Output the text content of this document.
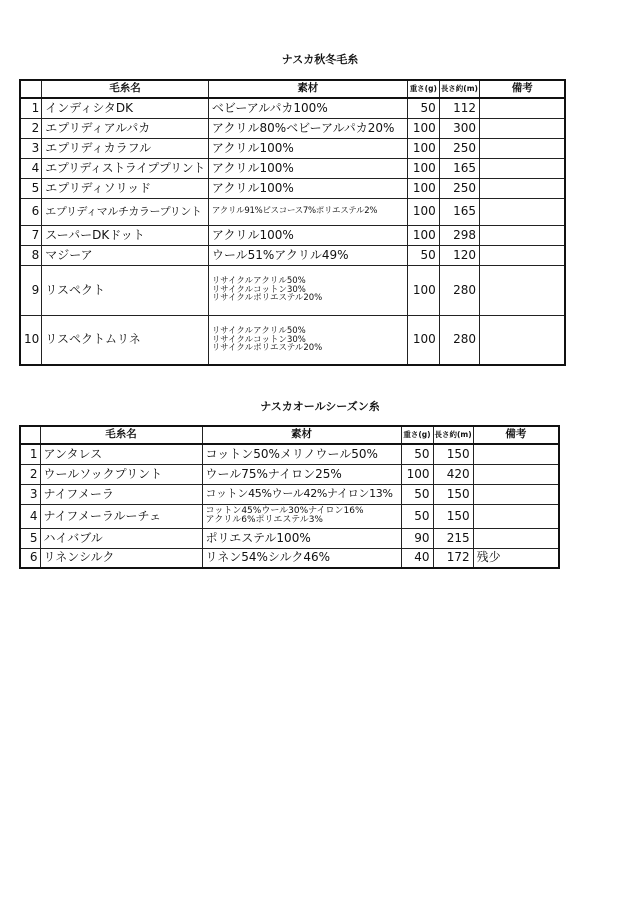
ナスカ秋冬毛糸
	毛糸名	素材	重さ(g)	長さ約(m)	備考
1	インディシタDK	ベビーアルパカ100%	50	112	
2	エプリディアルパカ	アクリル80%ベビーアルパカ20%	100	300	
3	エプリディカラフル	アクリル100%	100	250	
4	エプリディストライププリント	アクリル100%	100	165	
5	エプリディソリッド	アクリル100%	100	250	
6	エプリディマルチカラープリント	アクリル91%ビスコース7%ポリエステル2%	100	165	
7	スーパーDKドット	アクリル100%	100	298	
8	マジーア	ウール51%アクリル49%	50	120	
9	リスペクト	リサイクルアクリル50%
リサイクルコットン30%
リサイクルポリエステル20%	100	280	
10	リスペクトムリネ	リサイクルアクリル50%
リサイクルコットン30%
リサイクルポリエステル20%	100	280	
ナスカオールシーズン糸
	毛糸名	素材	重さ(g)	長さ約(m)	備考
1	アンタレス	コットン50%メリノウール50%	50	150	
2	ウールソックプリント	ウール75%ナイロン25%	100	420	
3	ナイフメーラ	コットン45%ウール42%ナイロン13%	50	150	
4	ナイフメーラルーチェ	コットン45%ウール30%ナイロン16%
アクリル6%ポリエステル3%	50	150	
5	ハイバブル	ポリエステル100%	90	215	
6	リネンシルク	リネン54%シルク46%	40	172	残少
